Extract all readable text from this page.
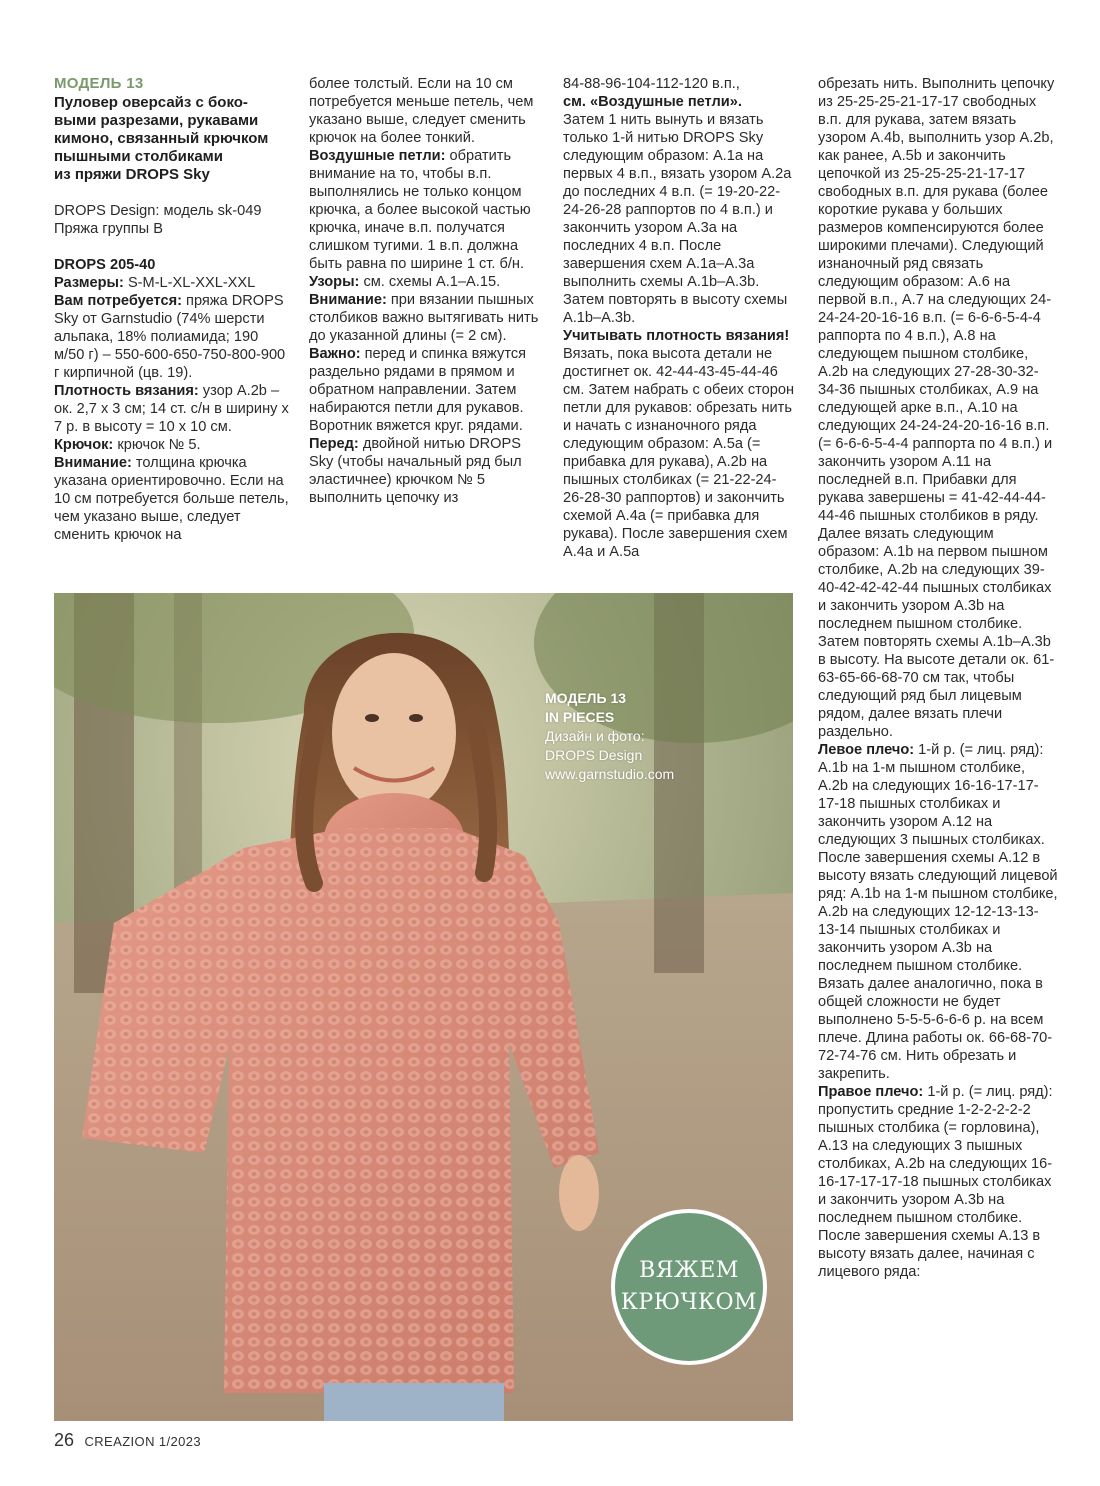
МОДЕЛЬ 13

Пуловер оверсайз с боко-
выми разрезами, рукавами
кимоно, связанный крючком пышными столбиками
из пряжи DROPS Sky

DROPS Design: модель sk-049

Пряжа группы B

DROPS 205-40

Размеры: S-M-L-XL-XXL-XXL

Вам потребуется: пряжа DROPS Sky от Garnstudio (74% шерсти альпака, 18% полиамида; 190 м/50 г) – 550-600-650-750-800-900 г кирпичной (цв. 19).

Плотность вязания: узор A.2b – ок. 2,7 х 3 см; 14 ст. с/н в ширину х 7 р. в высоту = 10 х 10 см.

Крючок: крючок № 5.

Внимание: толщина крючка указана ориентировочно. Если на 10 см потребуется больше петель, чем указано выше, следует сменить крючок на

более толстый. Если на 10 см потребуется меньше петель, чем указано выше, следует сменить крючок на более тонкий.

Воздушные петли: обратить внимание на то, чтобы в.п. выполнялись не только концом крючка, а более высокой частью крючка, иначе в.п. получатся слишком тугими. 1 в.п. должна быть равна по ширине 1 ст. б/н.

Узоры: см. схемы A.1–A.15.

Внимание: при вязании пышных столбиков важно вытягивать нить до указанной длины (= 2 см).

Важно: перед и спинка вяжутся раздельно рядами в прямом и обратном направлении. Затем набираются петли для рукавов. Воротник вяжется круг. рядами.

Перед: двойной нитью DROPS Sky (чтобы начальный ряд был эластичнее) крючком № 5 выполнить цепочку из

84-88-96-104-112-120 в.п.,

см. «Воздушные петли».

Затем 1 нить вынуть и вязать только 1-й нитью DROPS Sky следующим образом: A.1a на первых 4 в.п., вязать узором A.2a до последних 4 в.п. (= 19-20-22-24-26-28 раппортов по 4 в.п.) и закончить узором A.3a на последних 4 в.п. После завершения схем A.1a–A.3a выполнить схемы A.1b–A.3b. Затем повторять в высоту схемы A.1b–A.3b.

Учитывать плотность вязания! Вязать, пока высота детали не достигнет ок. 42-44-43-45-44-46 см. Затем набрать с обеих сторон петли для рукавов: обрезать нить и начать с изнаночного ряда следующим образом: A.5a (= прибавка для рукава), A.2b на пышных столбиках (= 21-22-24-26-28-30 раппортов) и закончить схемой A.4a (= прибавка для рукава). После завершения схем A.4a и A.5a

обрезать нить. Выполнить цепочку из 25-25-25-21-17-17 свободных в.п. для рукава, затем вязать узором A.4b, выполнить узор A.2b, как ранее, A.5b и закончить цепочкой из 25-25-25-21-17-17 свободных в.п. для рукава (более короткие рукава у больших размеров компенсируются более широкими плечами). Следующий изнаночный ряд связать следующим образом: A.6 на первой в.п., A.7 на следующих 24-24-24-20-16-16 в.п. (= 6-6-6-5-4-4 раппорта по 4 в.п.), A.8 на следующем пышном столбике, A.2b на следующих 27-28-30-32-34-36 пышных столбиках, A.9 на следующей арке в.п., A.10 на следующих 24-24-24-20-16-16 в.п. (= 6-6-6-5-4-4 раппорта по 4 в.п.) и закончить узором A.11 на последней в.п. Прибавки для рукава завершены = 41-42-44-44-44-46 пышных столбиков в ряду.

Далее вязать следующим образом: A.1b на первом пышном столбике, A.2b на следующих 39-40-42-42-42-44 пышных столбиках и закончить узором A.3b на последнем пышном столбике. Затем повторять схемы A.1b–A.3b в высоту. На высоте детали ок. 61-63-65-66-68-70 см так, чтобы следующий ряд был лицевым рядом, далее вязать плечи раздельно.

Левое плечо: 1-й р. (= лиц. ряд): A.1b на 1-м пышном столбике, A.2b на следующих 16-16-17-17-17-18 пышных столбиках и закончить узором A.12 на следующих 3 пышных столбиках. После завершения схемы A.12 в высоту вязать следующий лицевой ряд: A.1b на 1-м пышном столбике, A.2b на следующих 12-12-13-13-13-14 пышных столбиках и закончить узором A.3b на последнем пышном столбике. Вязать далее аналогично, пока в общей сложности не будет выполнено 5-5-5-6-6-6 р. на всем плече. Длина работы ок. 66-68-70-72-74-76 см. Нить обрезать и закрепить.

Правое плечо: 1-й р. (= лиц. ряд): пропустить средние 1-2-2-2-2-2 пышных столбика (= горловина), A.13 на следующих 3 пышных столбиках, A.2b на следующих 16-16-17-17-17-18 пышных столбиках и закончить узором A.3b на последнем пышном столбике. После завершения схемы A.13 в высоту вязать далее, начиная с лицевого ряда:

МОДЕЛЬ 13
IN PIECES
Дизайн и фото:
DROPS Design
www.garnstudio.com
ВЯЖЕМ
КРЮЧКОМ
26 CREAZION 1/2023
